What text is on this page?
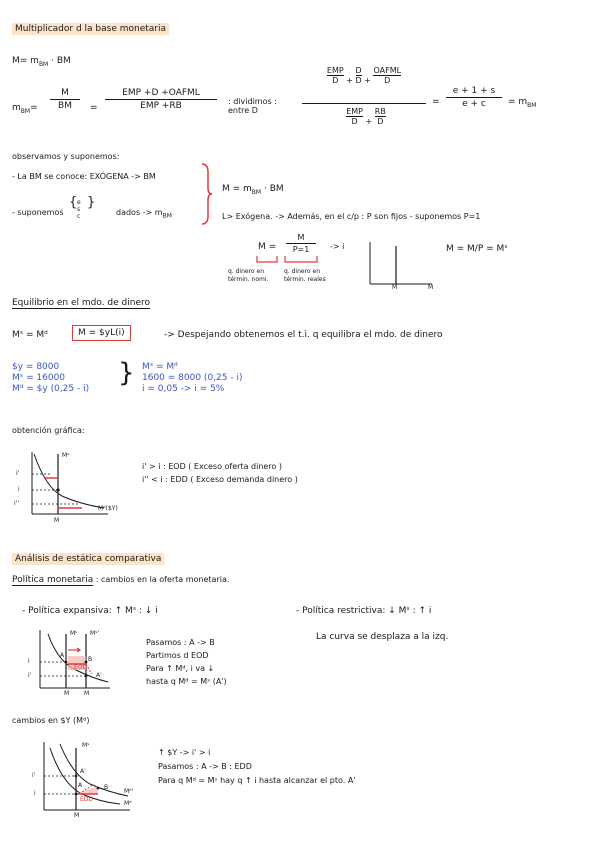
Multiplicador d la base monetaria
$M= m_{BM}$ · BM
$m_{BM}=$
M
BM	=
EMP +D +OAFML
EMP +RB	: dividimos :
entre D
EMP
$D + \frac{D}{D}$ +
OAFML
D
EMP
$D + \frac{RB}{D}$
=
e + 1 + s
e + c	= $m_{BM}$
observamos y suponemos:
- La BM se conoce: EXÓGENA -> BM
- suponemos
{ e
s
c
}
dados -> $m_{BM}$
$M = m_{BM}$ · BM
L> Exógena. -> Además, en el c/p : P son fijos - suponemos P=1
M =
M
P=1	-> i
q. dinero en términ. nomi.
q. dinero en términ. reales
M	M
M = M/P = Mˢ
Equilibrio en el mdo. de dinero
Mˢ = Mᵈ	M = $yL(i)	-> Despejando obtenemos el t.i. q equilibra el mdo. de dinero
$y = 8000
Mˢ = 16000
Mᵈ = $y (0,25 - i)
} Mˢ = Mᵈ
1600 = 8000 (0,25 - i)
i = 0,05 -> i = 5%
obtención gráfica:
Mˢ
Mᵈ($Y)
M
i'
i
i''
i' > i : EOD ( Exceso oferta dinero )
i'' < i : EDD ( Exceso demanda dinero )
Análisis de estática comparativa
Política monetaria : cambios en la oferta monetaria.
- Política expansiva: ↑ Mˢ : ↓ i	- Política restrictiva: ↓ Mˢ : ↑ i
La curva se desplaza a la izq.
Mˢ Mˢ'
i
i'
M M
EOD
A
B
A'
Pasamos : A -> B
Partimos d EOD
Para ↑ Mᵈ, i va ↓
hasta q Mᵈ = Mˢ (A')
cambios en $Y (Mᵈ)
Mˢ
Mᵈ'
Mᵈ
i'
i
M
EDD
A	B
A'
↑ $Y -> i' > i
Pasamos : A -> B : EDD
Para q Mᵈ = Mˢ hay q ↑ i hasta alcanzar el pto. A'
